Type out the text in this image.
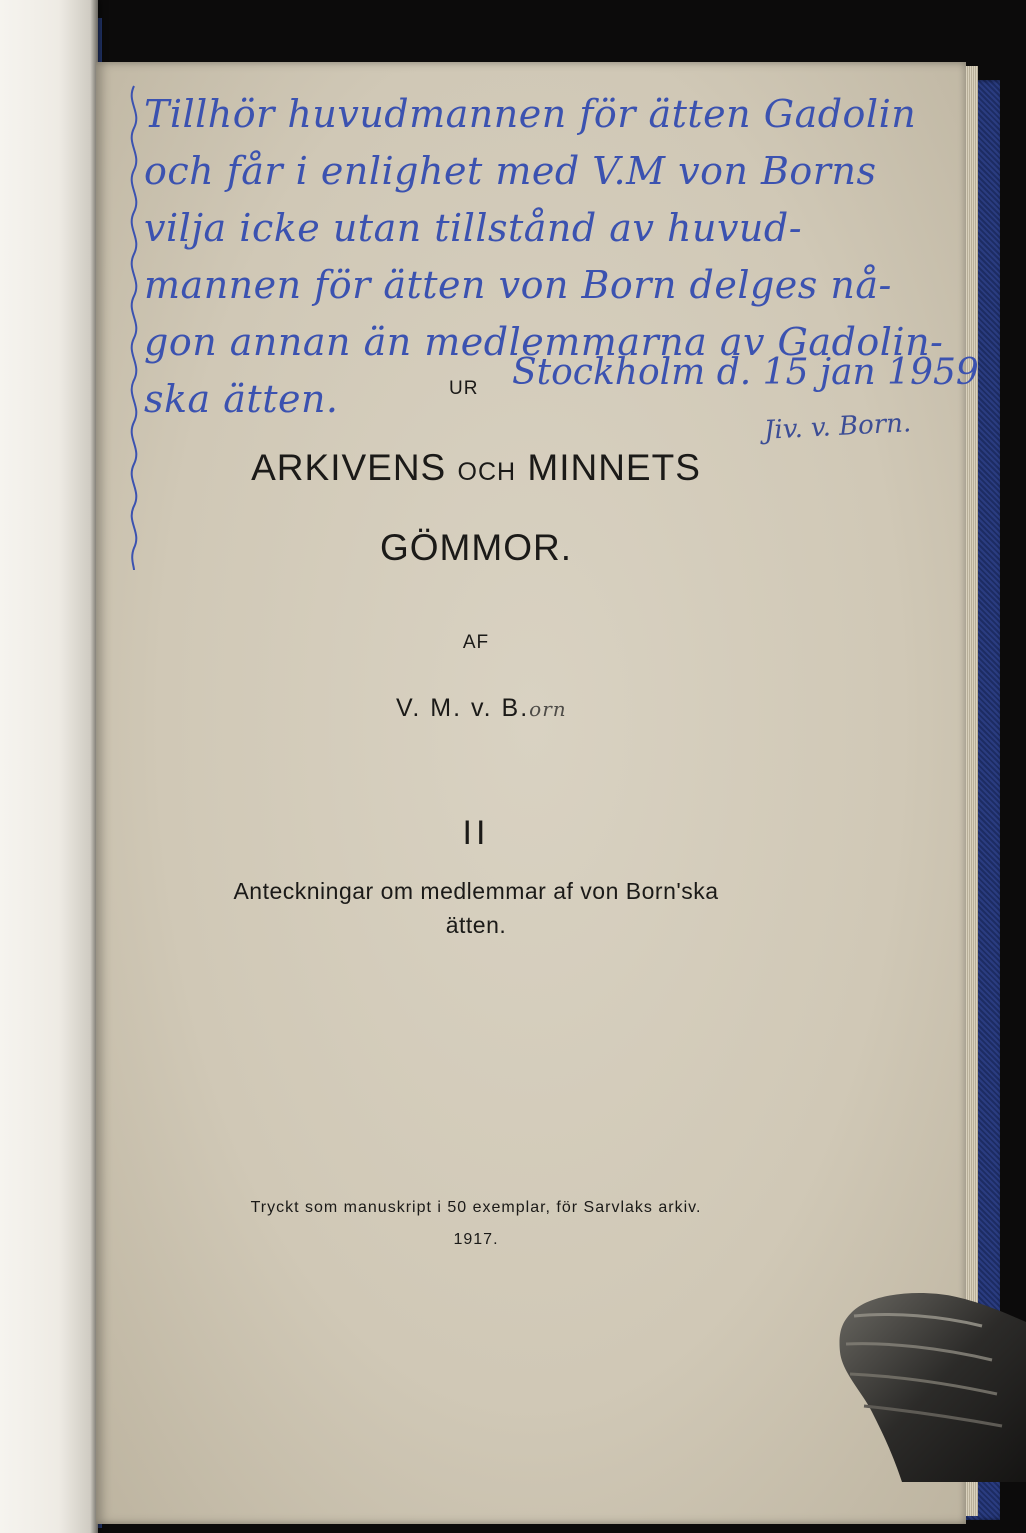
Tillhör huvudmannen för ätten Gadolin
och får i enlighet med V.M von Borns
vilja icke utan tillstånd av huvud-
mannen för ätten von Born delges nå-
gon annan än medlemmarna av Gadolin-
ska ätten.
Stockholm d. 15 jan 1959
Jiv. v. Born.
UR
ARKIVENS OCH MINNETS
GÖMMOR.
AF
V. M. v. B.orn
II
Anteckningar om medlemmar af von Born'ska
ätten.
Tryckt som manuskript i 50 exemplar, för Sarvlaks arkiv.
1917.
